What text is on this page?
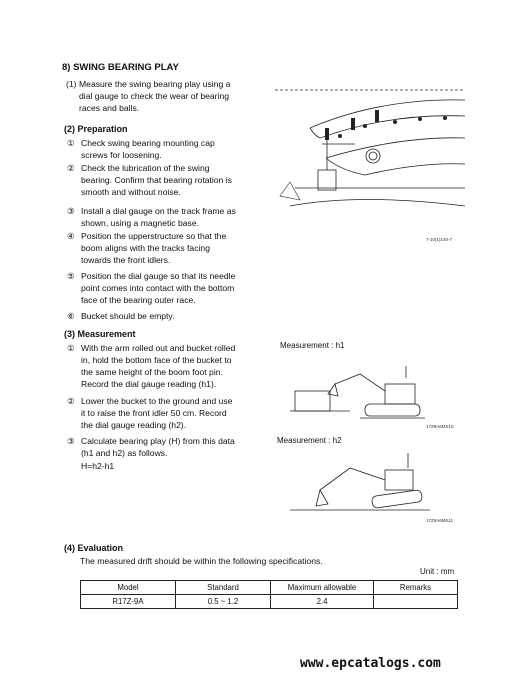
8) SWING BEARING PLAY
(1) Measure the swing bearing play using a dial gauge to check the wear of bearing races and balls.
(2) Preparation
① Check swing bearing mounting cap screws for loosening.
② Check the lubrication of the swing bearing. Confirm that bearing rotation is smooth and without noise.
③ Install a dial gauge on the track frame as shown, using a magnetic base.
④ Position the upperstructure so that the boom aligns with the tracks facing towards the front idlers.
⑤ Position the dial gauge so that its needle point comes into contact with the bottom face of the bearing outer race.
⑥ Bucket should be empty.
(3) Measurement
① With the arm rolled out and bucket rolled in, hold the bottom face of the bucket to the same height of the boom foot pin. Record the dial gauge reading (h1).
② Lower the bucket to the ground and use it to raise the front idler 50 cm. Record the dial gauge reading (h2).
③ Calculate bearing play (H) from this data (h1 and h2) as follows.
H=h2-h1
7-10(1)140-7
Measurement : h1
17Z9A6MS10
Measurement : h2
17Z9A6MS11
(4) Evaluation
The measured drift should be within the following specifications.
Unit : mm
Model	Standard	Maximum allowable	Remarks
R17Z-9A	0.5 ~ 1.2	2.4	
www.epcatalogs.com
